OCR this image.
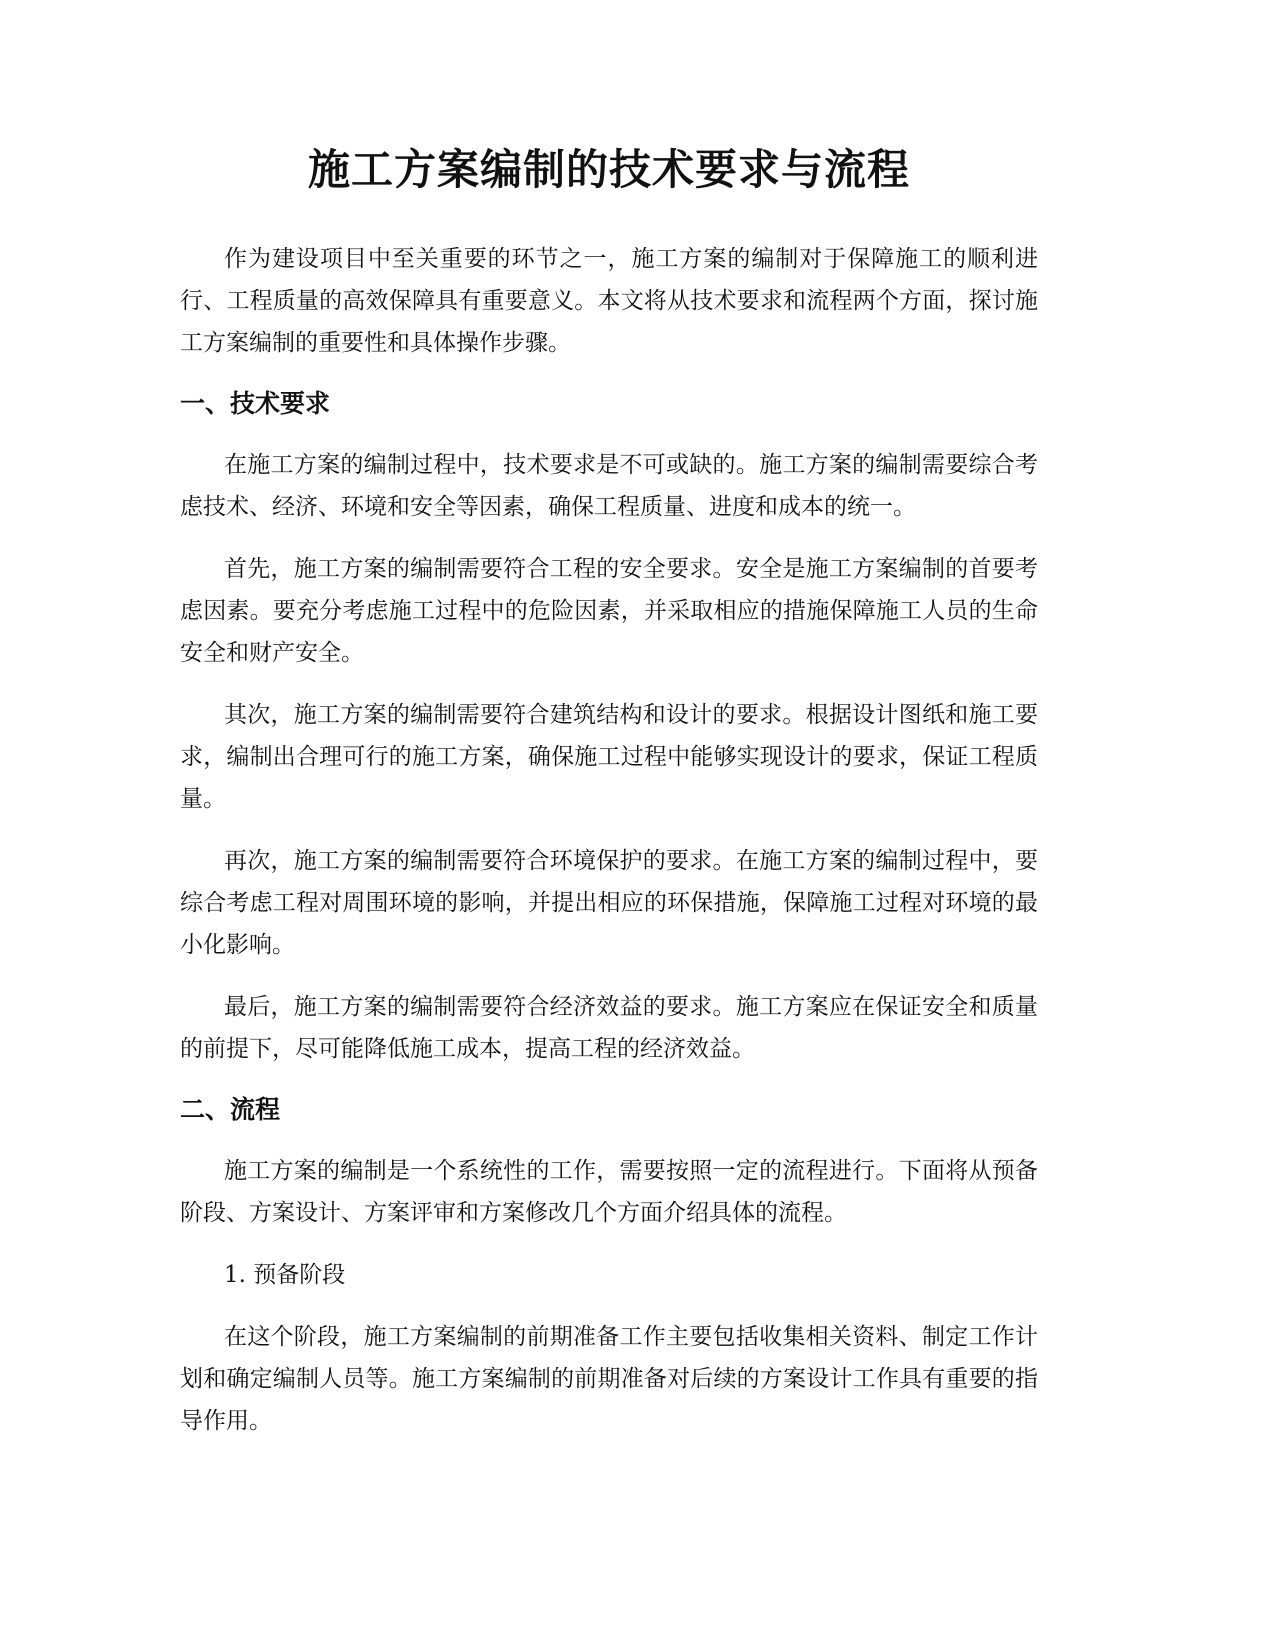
施工方案编制的技术要求与流程

作为建设项目中至关重要的环节之一，施工方案的编制对于保障施工的顺利进行、工程质量的高效保障具有重要意义。本文将从技术要求和流程两个方面，探讨施工方案编制的重要性和具体操作步骤。

一、技术要求

在施工方案的编制过程中，技术要求是不可或缺的。施工方案的编制需要综合考虑技术、经济、环境和安全等因素，确保工程质量、进度和成本的统一。

首先，施工方案的编制需要符合工程的安全要求。安全是施工方案编制的首要考虑因素。要充分考虑施工过程中的危险因素，并采取相应的措施保障施工人员的生命安全和财产安全。

其次，施工方案的编制需要符合建筑结构和设计的要求。根据设计图纸和施工要求，编制出合理可行的施工方案，确保施工过程中能够实现设计的要求，保证工程质量。

再次，施工方案的编制需要符合环境保护的要求。在施工方案的编制过程中，要综合考虑工程对周围环境的影响，并提出相应的环保措施，保障施工过程对环境的最小化影响。

最后，施工方案的编制需要符合经济效益的要求。施工方案应在保证安全和质量的前提下，尽可能降低施工成本，提高工程的经济效益。

二、流程

施工方案的编制是一个系统性的工作，需要按照一定的流程进行。下面将从预备阶段、方案设计、方案评审和方案修改几个方面介绍具体的流程。

1. 预备阶段

在这个阶段，施工方案编制的前期准备工作主要包括收集相关资料、制定工作计划和确定编制人员等。施工方案编制的前期准备对后续的方案设计工作具有重要的指导作用。
